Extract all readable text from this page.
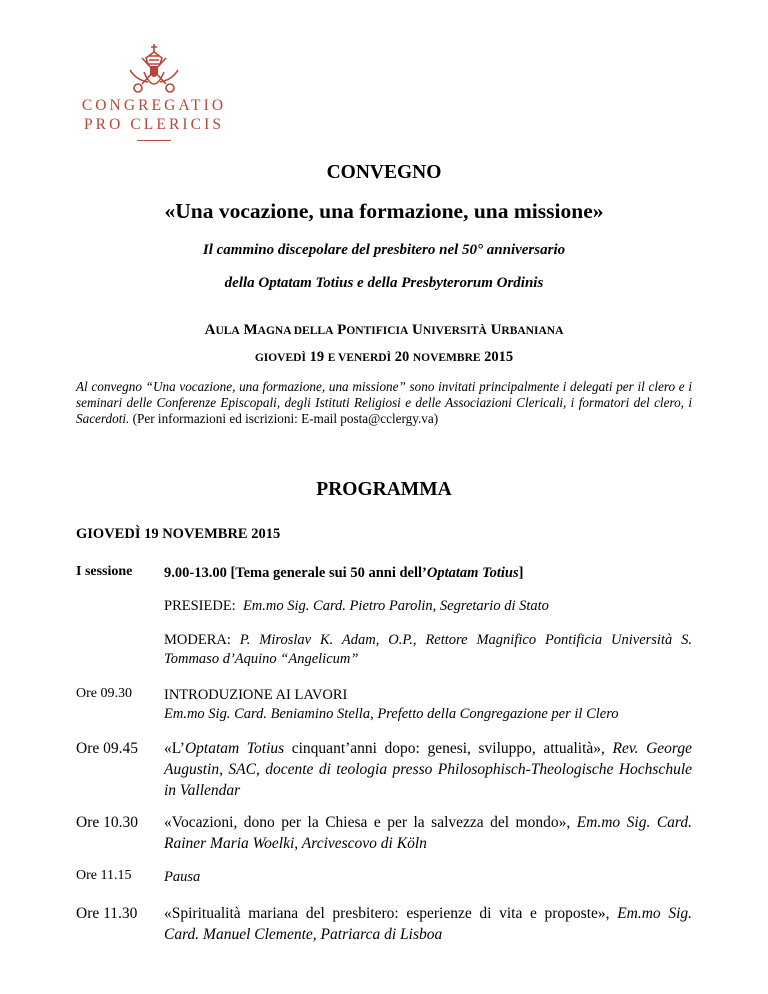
CONGREGATIO
PRO CLERICIS
CONVEGNO
«Una vocazione, una formazione, una missione»
Il cammino discepolare del presbitero nel 50° anniversario
della Optatam Totius e della Presbyterorum Ordinis
AULA MAGNA DELLA PONTIFICIA UNIVERSITÀ URBANIANA
GIOVEDÌ 19 E VENERDÌ 20 NOVEMBRE 2015
Al convegno “Una vocazione, una formazione, una missione” sono invitati principalmente i delegati per il clero e i seminari delle Conferenze Episcopali, degli Istituti Religiosi e delle Associazioni Clericali, i formatori del clero, i Sacerdoti. (Per informazioni ed iscrizioni: E-mail posta@cclergy.va)
PROGRAMMA
GIOVEDÌ 19 NOVEMBRE 2015
I sessione 9.00-13.00 [Tema generale sui 50 anni dell’Optatam Totius]
PRESIEDE: Em.mo Sig. Card. Pietro Parolin, Segretario di Stato
MODERA: P. Miroslav K. Adam, O.P., Rettore Magnifico Pontificia Università S. Tommaso d’Aquino “Angelicum”
Ore 09.30 INTRODUZIONE AI LAVORI
Em.mo Sig. Card. Beniamino Stella, Prefetto della Congregazione per il Clero
Ore 09.45 «L’Optatam Totius cinquant’anni dopo: genesi, sviluppo, attualità», Rev. George Augustin, SAC, docente di teologia presso Philosophisch-Theologische Hochschule in Vallendar
Ore 10.30 «Vocazioni, dono per la Chiesa e per la salvezza del mondo», Em.mo Sig. Card. Rainer Maria Woelki, Arcivescovo di Köln
Ore 11.15 Pausa
Ore 11.30 «Spiritualità mariana del presbitero: esperienze di vita e proposte», Em.mo Sig. Card. Manuel Clemente, Patriarca di Lisboa
